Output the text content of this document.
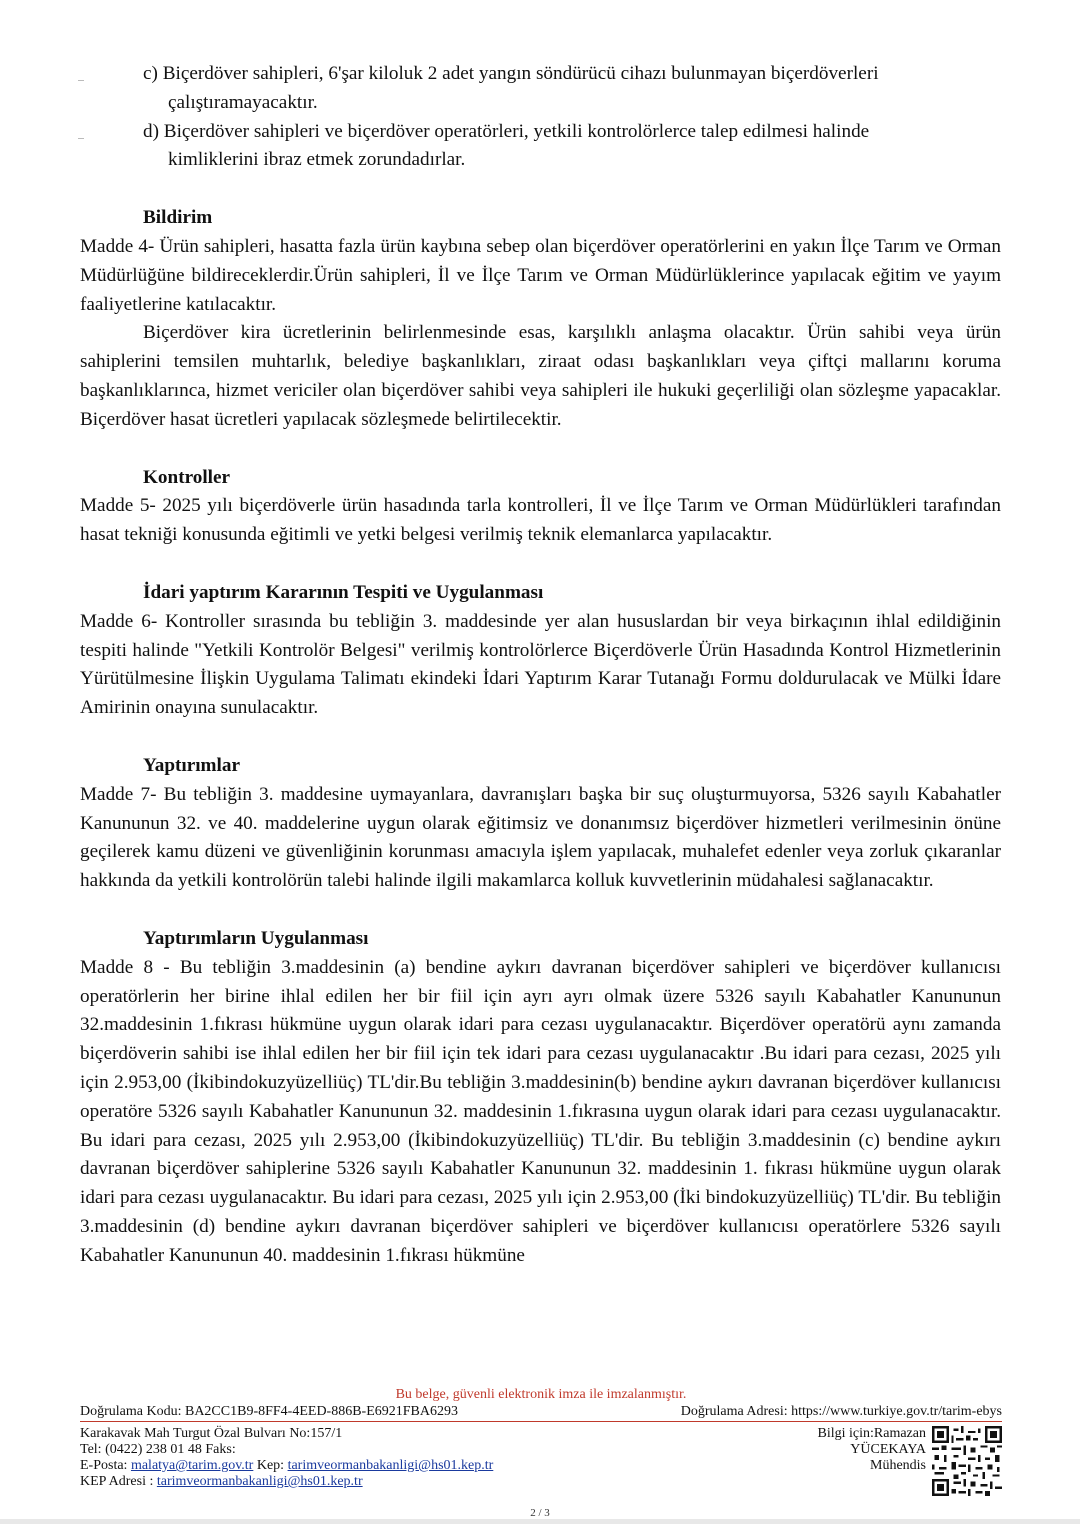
c) Biçerdöver sahipleri, 6'şar kiloluk 2 adet yangın söndürücü cihazı bulunmayan biçerdöverleri
çalıştıramayacaktır.

d) Biçerdöver sahipleri ve biçerdöver operatörleri, yetkili kontrolörlerce talep edilmesi halinde
kimliklerini ibraz etmek zorundadırlar.

Bildirim

Madde 4- Ürün sahipleri, hasatta fazla ürün kaybına sebep olan biçerdöver operatörlerini en yakın İlçe Tarım ve Orman Müdürlüğüne bildireceklerdir.Ürün sahipleri, İl ve İlçe Tarım ve Orman Müdürlüklerince yapılacak eğitim ve yayım faaliyetlerine katılacaktır.

Biçerdöver kira ücretlerinin belirlenmesinde esas, karşılıklı anlaşma olacaktır. Ürün sahibi veya ürün sahiplerini temsilen muhtarlık, belediye başkanlıkları, ziraat odası başkanlıkları veya çiftçi mallarını koruma başkanlıklarınca, hizmet vericiler olan biçerdöver sahibi veya sahipleri ile hukuki geçerliliği olan sözleşme yapacaklar. Biçerdöver hasat ücretleri yapılacak sözleşmede belirtilecektir.

Kontroller

Madde 5- 2025 yılı biçerdöverle ürün hasadında tarla kontrolleri, İl ve İlçe Tarım ve Orman Müdürlükleri tarafından hasat tekniği konusunda eğitimli ve yetki belgesi verilmiş teknik elemanlarca yapılacaktır.

İdari yaptırım Kararının Tespiti ve Uygulanması

Madde 6- Kontroller sırasında bu tebliğin 3. maddesinde yer alan hususlardan bir veya birkaçının ihlal edildiğinin tespiti halinde "Yetkili Kontrolör Belgesi" verilmiş kontrolörlerce Biçerdöverle Ürün Hasadında Kontrol Hizmetlerinin Yürütülmesine İlişkin Uygulama Talimatı ekindeki İdari Yaptırım Karar Tutanağı Formu doldurulacak ve Mülki İdare Amirinin onayına sunulacaktır.

Yaptırımlar

Madde 7- Bu tebliğin 3. maddesine uymayanlara, davranışları başka bir suç oluşturmuyorsa, 5326 sayılı Kabahatler Kanununun 32. ve 40. maddelerine uygun olarak eğitimsiz ve donanımsız biçerdöver hizmetleri verilmesinin önüne geçilerek kamu düzeni ve güvenliğinin korunması amacıyla işlem yapılacak, muhalefet edenler veya zorluk çıkaranlar hakkında da yetkili kontrolörün talebi halinde ilgili makamlarca kolluk kuvvetlerinin müdahalesi sağlanacaktır.

Yaptırımların Uygulanması

Madde 8 - Bu tebliğin 3.maddesinin (a) bendine aykırı davranan biçerdöver sahipleri ve biçerdöver kullanıcısı operatörlerin her birine ihlal edilen her bir fiil için ayrı ayrı olmak üzere 5326 sayılı Kabahatler Kanununun 32.maddesinin 1.fıkrası hükmüne uygun olarak idari para cezası uygulanacaktır. Biçerdöver operatörü aynı zamanda biçerdöverin sahibi ise ihlal edilen her bir fiil için tek idari para cezası uygulanacaktır .Bu idari para cezası, 2025 yılı için 2.953,00 (İkibindokuzyüzelliüç) TL'dir.Bu tebliğin 3.maddesinin(b) bendine aykırı davranan biçerdöver kullanıcısı operatöre 5326 sayılı Kabahatler Kanununun 32. maddesinin 1.fıkrasına uygun olarak idari para cezası uygulanacaktır. Bu idari para cezası, 2025 yılı 2.953,00 (İkibindokuzyüzelliüç) TL'dir. Bu tebliğin 3.maddesinin (c) bendine aykırı davranan biçerdöver sahiplerine 5326 sayılı Kabahatler Kanununun 32. maddesinin 1. fıkrası hükmüne uygun olarak idari para cezası uygulanacaktır. Bu idari para cezası, 2025 yılı için 2.953,00 (İki bindokuzyüzelliüç) TL'dir. Bu tebliğin 3.maddesinin (d) bendine aykırı davranan biçerdöver sahipleri ve biçerdöver kullanıcısı operatörlere 5326 sayılı Kabahatler Kanununun 40. maddesinin 1.fıkrası hükmüne

Bu belge, güvenli elektronik imza ile imzalanmıştır.
Doğrulama Kodu: BA2CC1B9-8FF4-4EED-886B-E6921FBA6293	Doğrulama Adresi: https://www.turkiye.gov.tr/tarim-ebys
Karakavak Mah Turgut Özal Bulvarı No:157/1
Tel: (0422) 238 01 48 Faks:
E-Posta: malatya@tarim.gov.tr Kep: tarimveormanbakanligi@hs01.kep.tr
KEP Adresi : tarimveormanbakanligi@hs01.kep.tr
Bilgi için:Ramazan
YÜCEKAYA
Mühendis
2 / 3
